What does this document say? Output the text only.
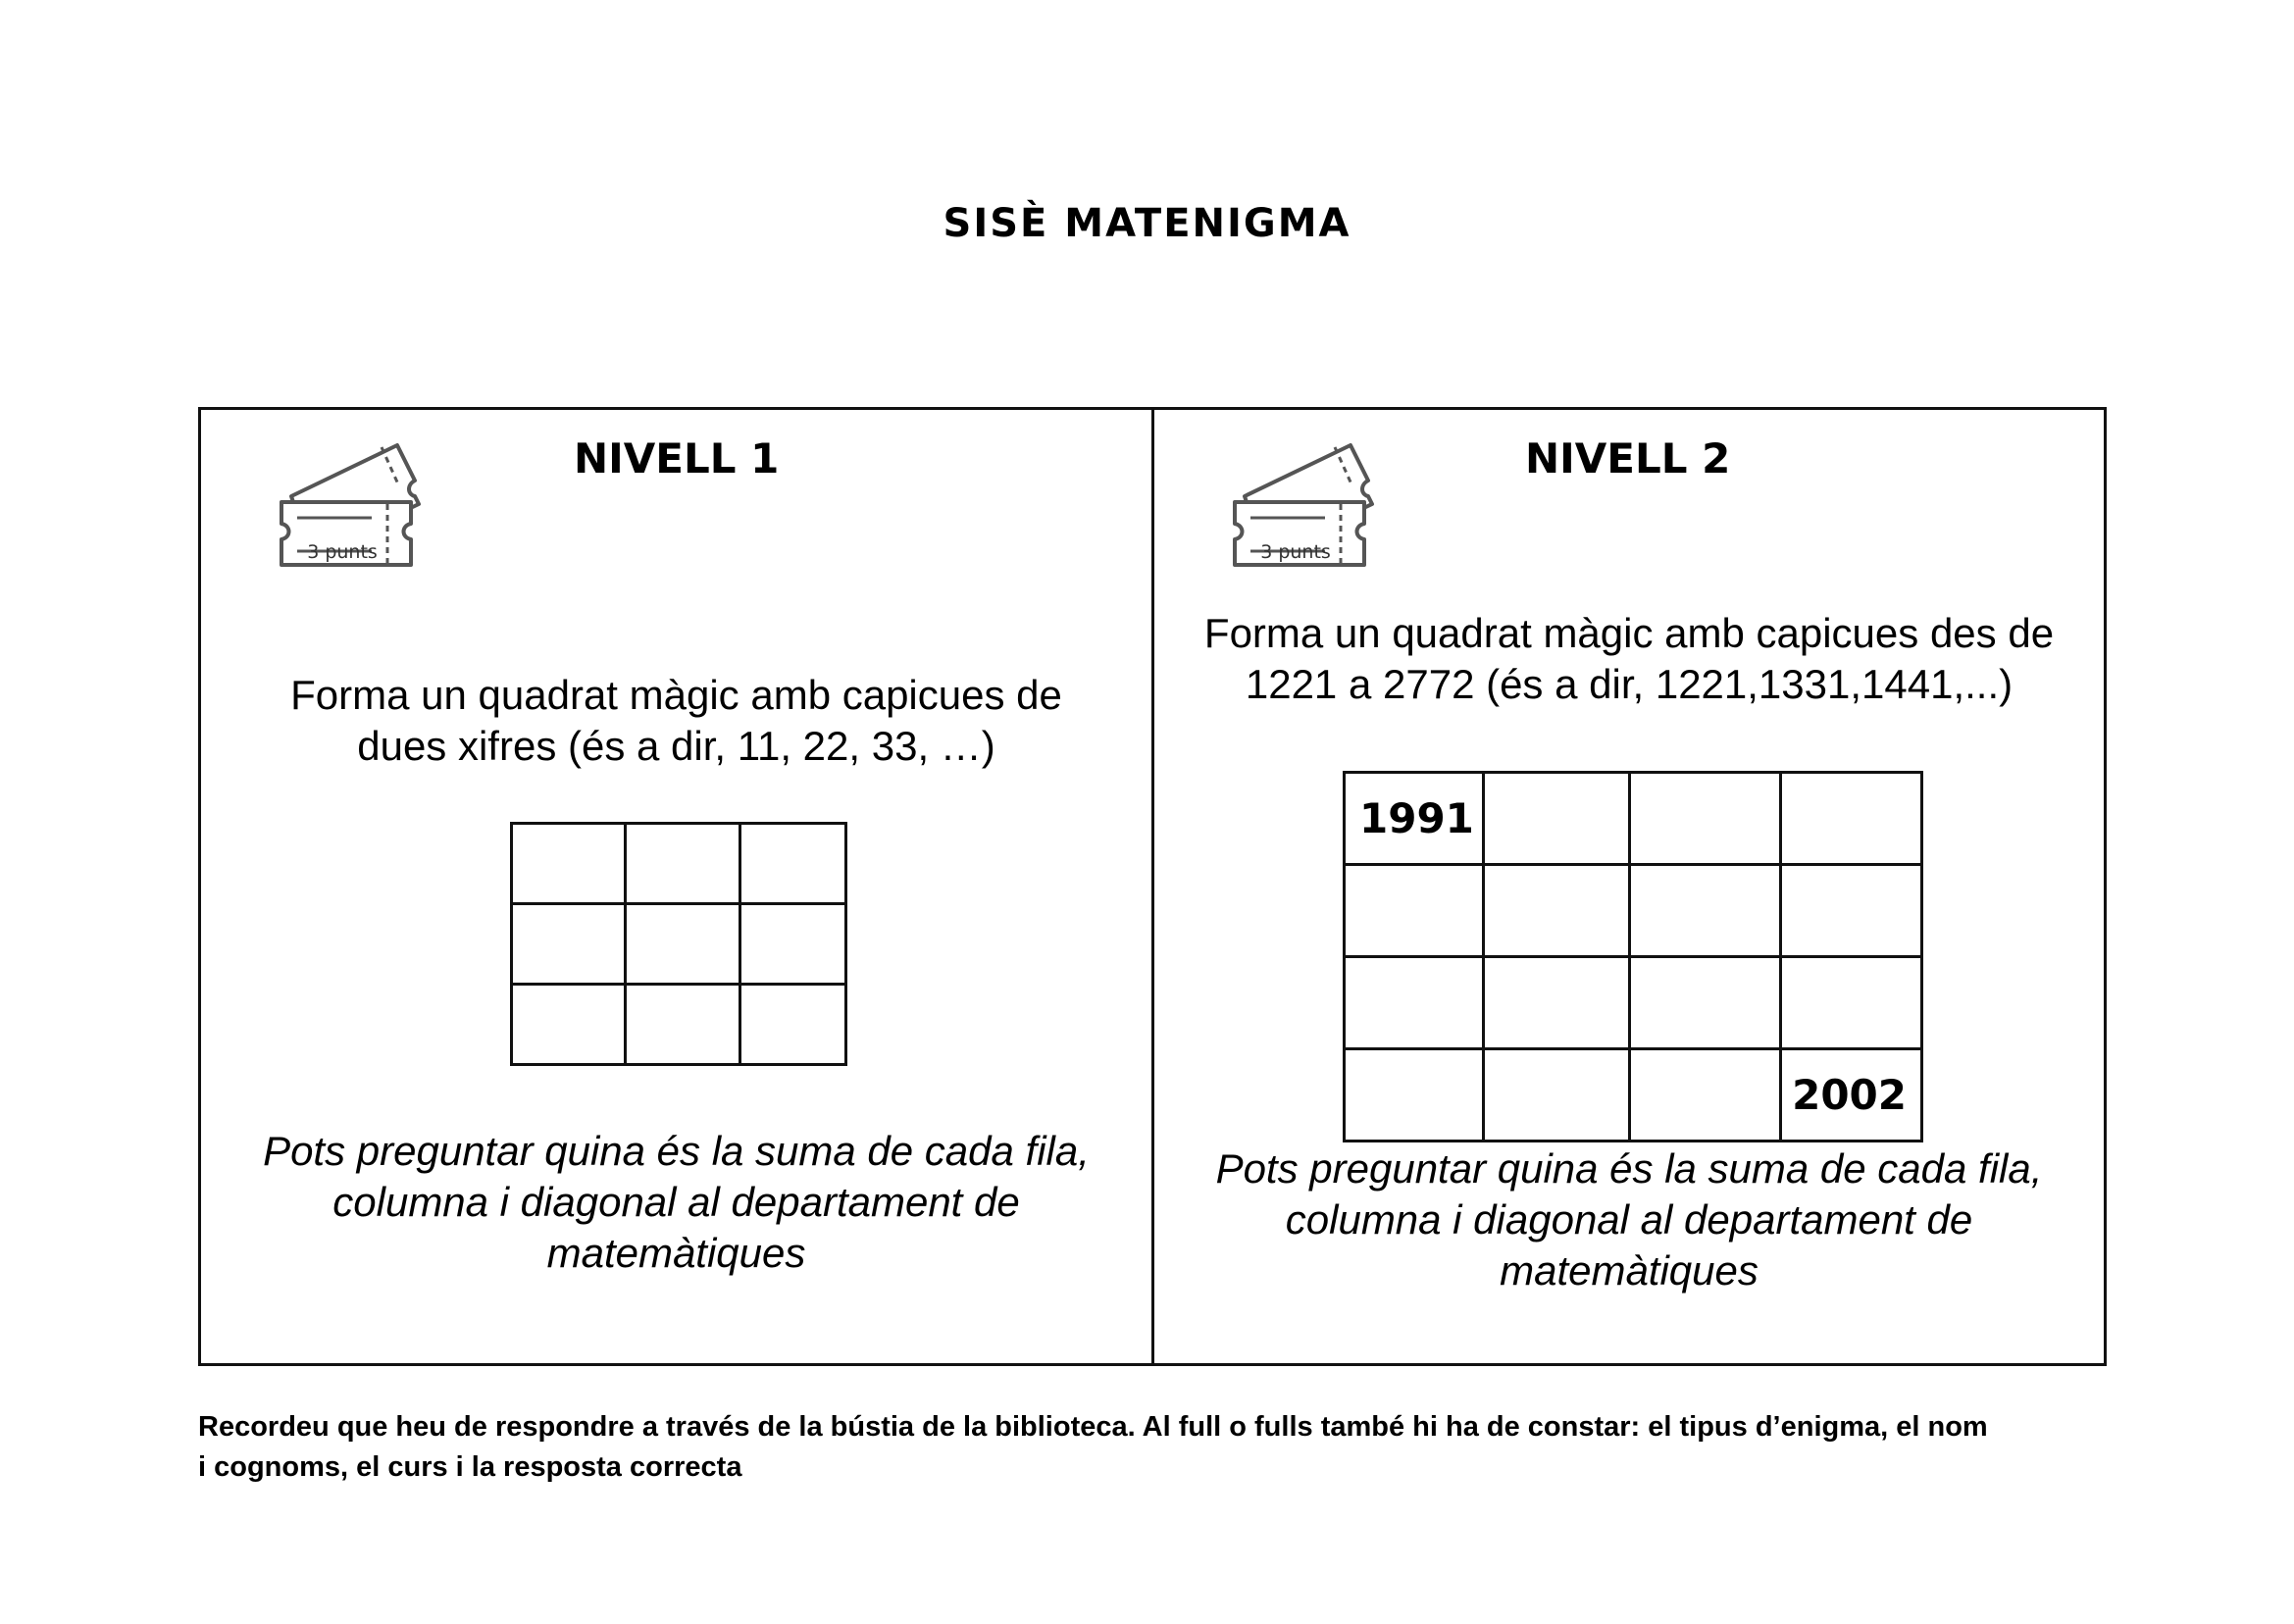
SISÈ MATENIGMA
3 punts
NIVELL 1

Forma un quadrat màgic amb capicues de
dues xifres (és a dir, 11, 22, 33, …)

Pots preguntar quina és la suma de cada fila,
columna i diagonal al departament de
matemàtiques

3 punts
NIVELL 2

Forma un quadrat màgic amb capicues des de
1221 a 2772 (és a dir, 1221,1331,1441,...)

1991			

			2002

Pots preguntar quina és la suma de cada fila,
columna i diagonal al departament de
matemàtiques

Recordeu que heu de respondre a través de la bústia de la biblioteca. Al full o fulls també hi ha de constar: el tipus d’enigma, el nom
i cognoms, el curs i la resposta correcta
